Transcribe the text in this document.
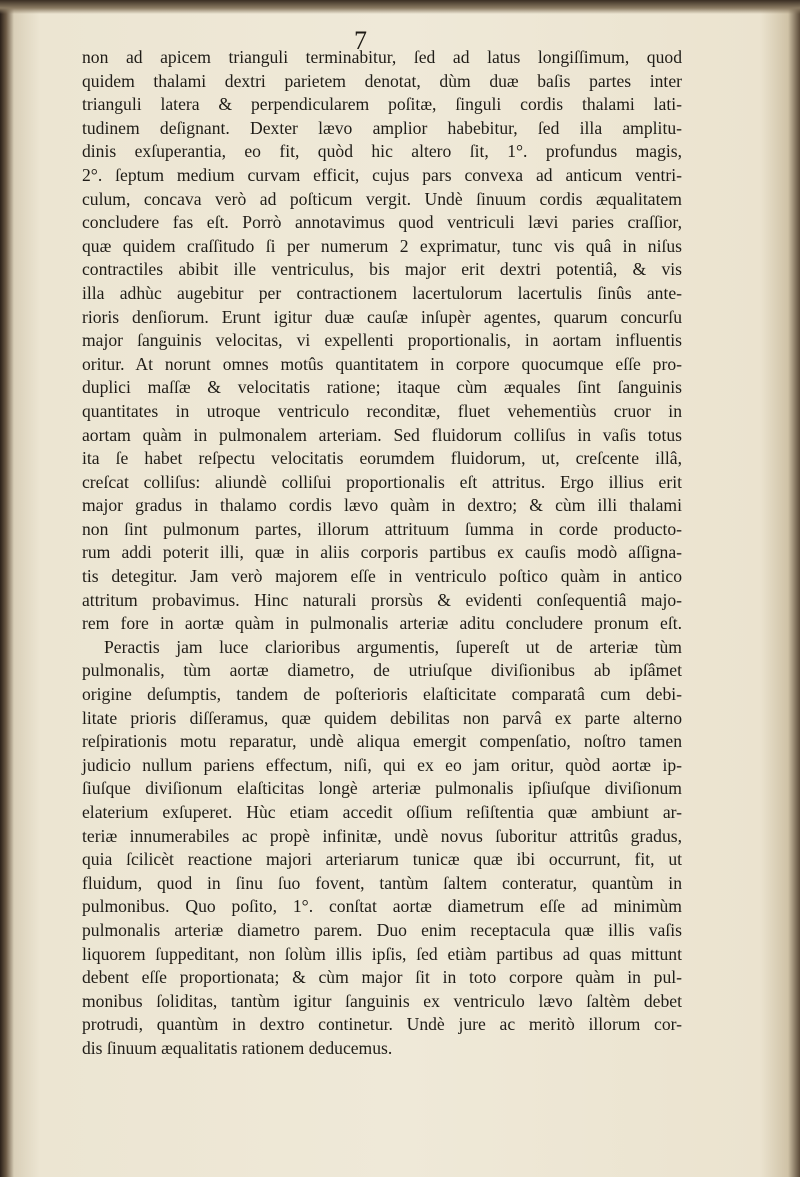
7
non ad apicem trianguli terminabitur, ſed ad latus longiſſimum, quod
quidem thalami dextri parietem denotat, dùm duæ baſis partes inter
trianguli latera & perpendicularem poſitæ, ſinguli cordis thalami lati-
tudinem deſignant. Dexter lævo amplior habebitur, ſed illa amplitu-
dinis exſuperantia, eo fit, quòd hic altero ſit, 1°. profundus magis,
2°. ſeptum medium curvam efficit, cujus pars convexa ad anticum ventri-
culum, concava verò ad poſticum vergit. Undè ſinuum cordis æqualitatem
concludere fas eſt. Porrò annotavimus quod ventriculi lævi paries craſſior,
quæ quidem craſſitudo ſi per numerum 2 exprimatur, tunc vis quâ in niſus
contractiles abibit ille ventriculus, bis major erit dextri potentiâ, & vis
illa adhùc augebitur per contractionem lacertulorum lacertulis ſinûs ante-
rioris denſiorum. Erunt igitur duæ cauſæ inſupèr agentes, quarum concurſu
major ſanguinis velocitas, vi expellenti proportionalis, in aortam influentis
oritur. At norunt omnes motûs quantitatem in corpore quocumque eſſe pro-
duplici maſſæ & velocitatis ratione; itaque cùm æquales ſint ſanguinis
quantitates in utroque ventriculo reconditæ, fluet vehementiùs cruor in
aortam quàm in pulmonalem arteriam. Sed fluidorum colliſus in vaſis totus
ita ſe habet reſpectu velocitatis eorumdem fluidorum, ut, creſcente illâ,
creſcat colliſus: aliundè colliſui proportionalis eſt attritus. Ergo illius erit
major gradus in thalamo cordis lævo quàm in dextro; & cùm illi thalami
non ſint pulmonum partes, illorum attrituum ſumma in corde producto-
rum addi poterit illi, quæ in aliis corporis partibus ex cauſis modò aſſigna-
tis detegitur. Jam verò majorem eſſe in ventriculo poſtico quàm in antico
attritum probavimus. Hinc naturali prorsùs & evidenti conſequentiâ majo-
rem fore in aortæ quàm in pulmonalis arteriæ aditu concludere pronum eſt.
Peractis jam luce clarioribus argumentis, ſupereſt ut de arteriæ tùm
pulmonalis, tùm aortæ diametro, de utriuſque diviſionibus ab ipſâmet
origine deſumptis, tandem de poſterioris elaſticitate comparatâ cum debi-
litate prioris diſſeramus, quæ quidem debilitas non parvâ ex parte alterno
reſpirationis motu reparatur, undè aliqua emergit compenſatio, noſtro tamen
judicio nullum pariens effectum, niſi, qui ex eo jam oritur, quòd aortæ ip-
ſiuſque diviſionum elaſticitas longè arteriæ pulmonalis ipſiuſque diviſionum
elaterium exſuperet. Hùc etiam accedit oſſium reſiſtentia quæ ambiunt ar-
teriæ innumerabiles ac propè infinitæ, undè novus ſuboritur attritûs gradus,
quia ſcilicèt reactione majori arteriarum tunicæ quæ ibi occurrunt, fit, ut
fluidum, quod in ſinu ſuo fovent, tantùm ſaltem conteratur, quantùm in
pulmonibus. Quo poſito, 1°. conſtat aortæ diametrum eſſe ad minimùm
pulmonalis arteriæ diametro parem. Duo enim receptacula quæ illis vaſis
liquorem ſuppeditant, non ſolùm illis ipſis, ſed etiàm partibus ad quas mittunt
debent eſſe proportionata; & cùm major ſit in toto corpore quàm in pul-
monibus ſoliditas, tantùm igitur ſanguinis ex ventriculo lævo ſaltèm debet
protrudi, quantùm in dextro continetur. Undè jure ac meritò illorum cor-
dis ſinuum æqualitatis rationem deducemus.
